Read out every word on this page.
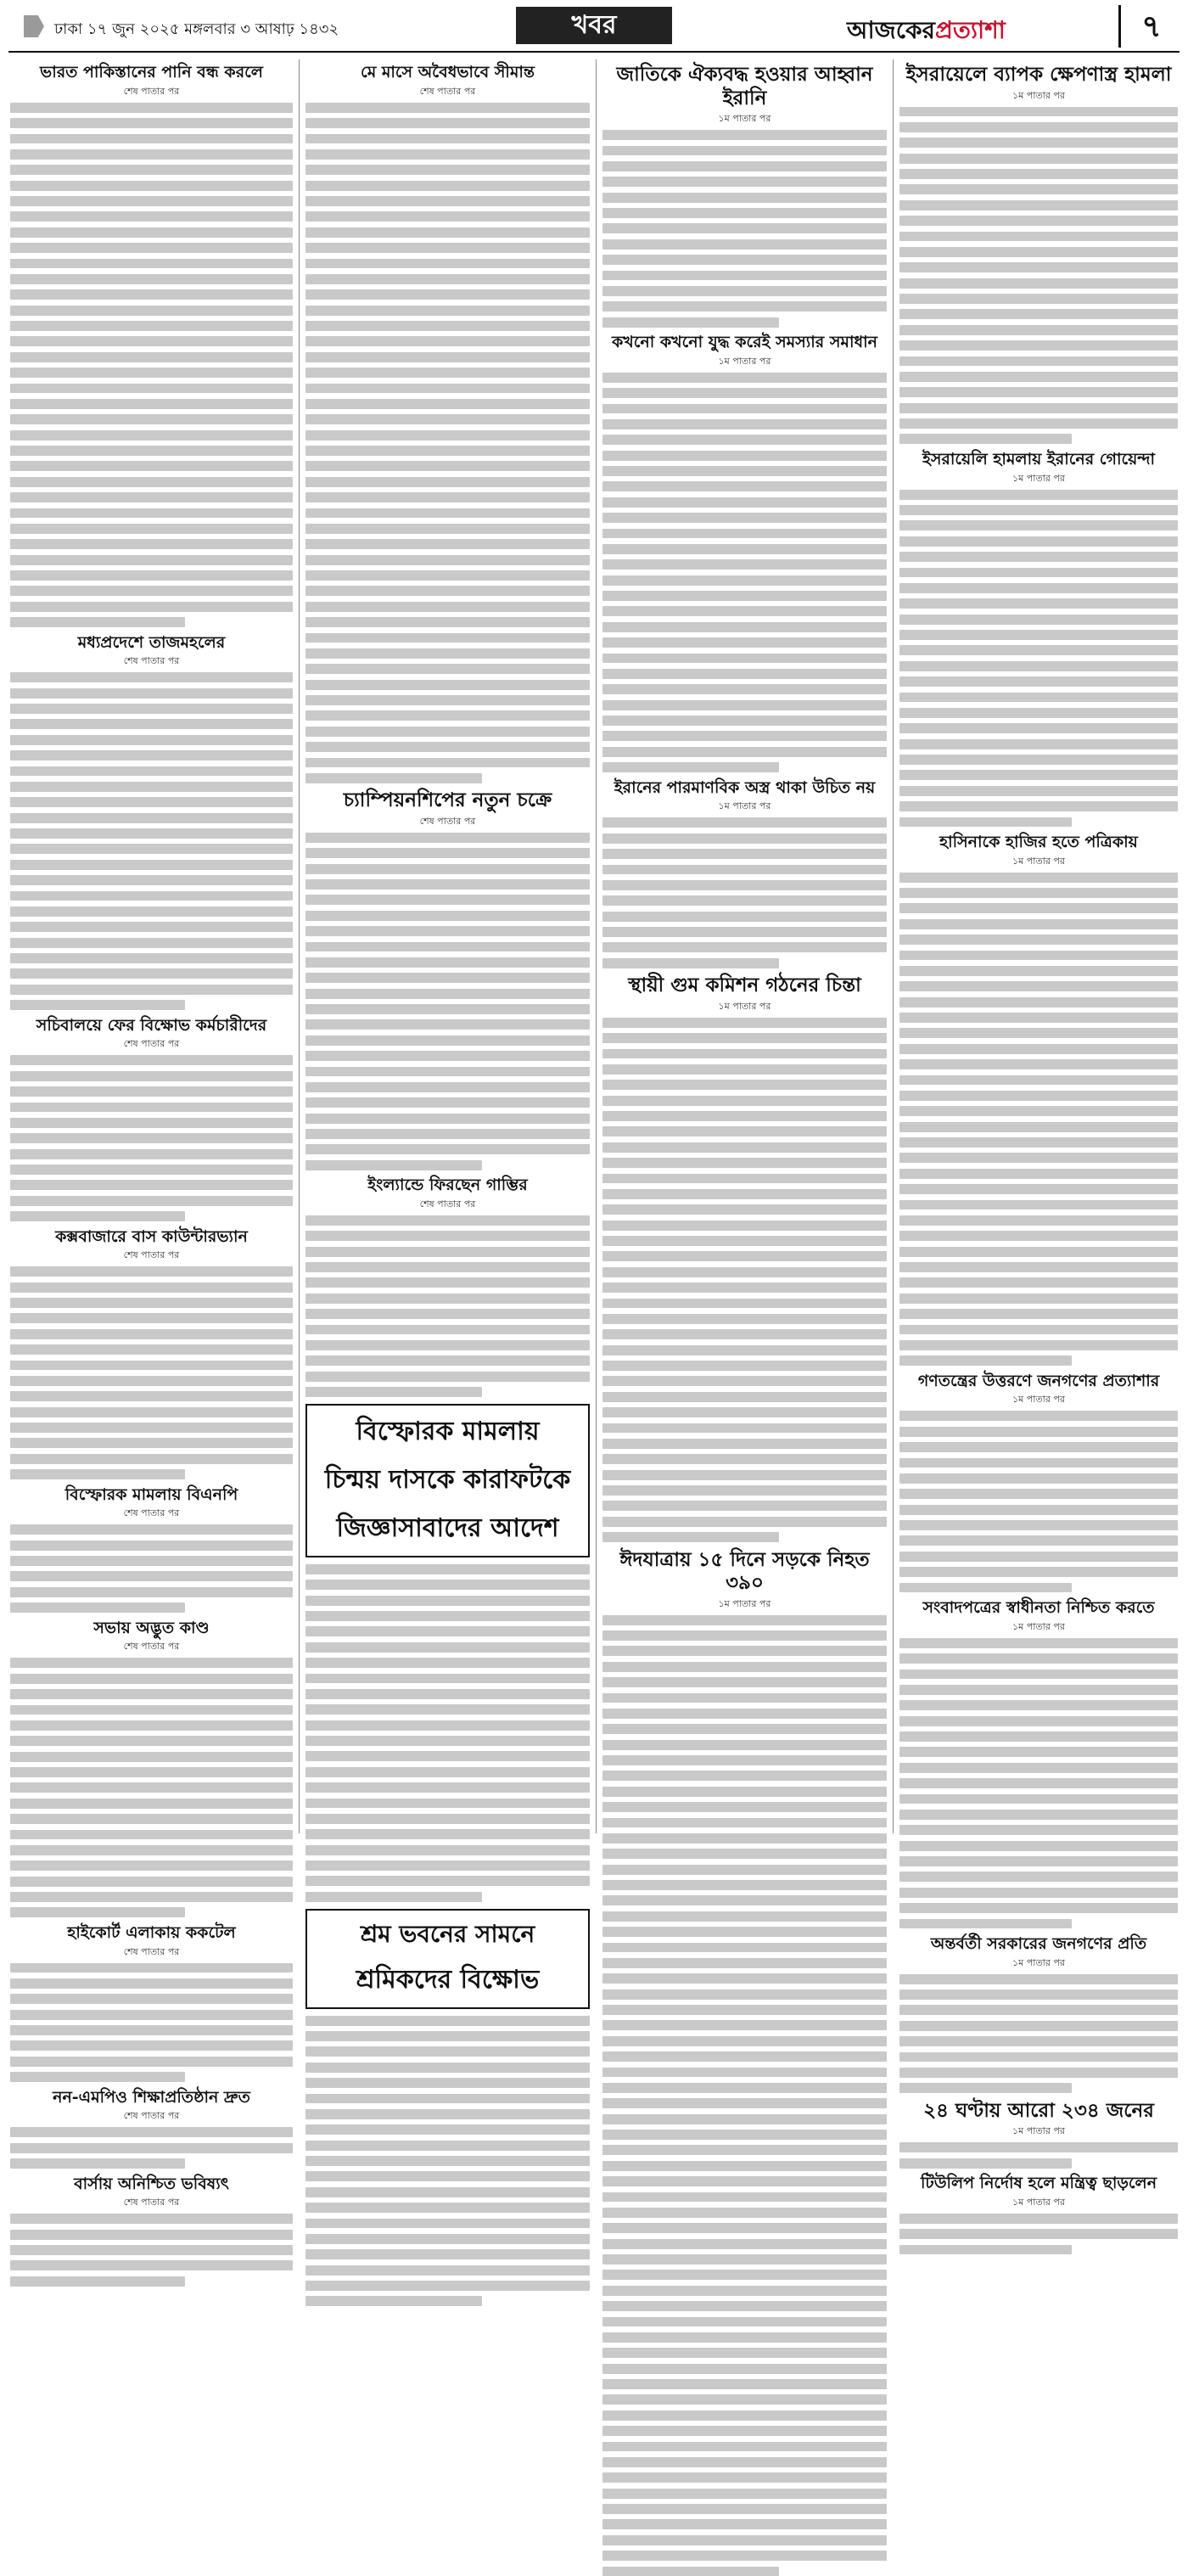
ঢাকা ১৭ জুন ২০২৫ মঙ্গলবার ৩ আষাঢ় ১৪৩২	খবর	আজকেরপ্রত্যাশা	৭
ভারত পাকিস্তানের পানি বন্ধ করলে
শেষ পাতার পর
মধ্যপ্রদেশে তাজমহলের
শেষ পাতার পর
সচিবালয়ে ফের বিক্ষোভ কর্মচারীদের
শেষ পাতার পর
কক্সবাজারে বাস কাউন্টারভ্যান
শেষ পাতার পর
বিস্ফোরক মামলায় বিএনপি
শেষ পাতার পর
সভায় অদ্ভুত কাণ্ড
শেষ পাতার পর
হাইকোর্ট এলাকায় ককটেল
শেষ পাতার পর
নন-এমপিও শিক্ষাপ্রতিষ্ঠান দ্রুত
শেষ পাতার পর
বার্সায় অনিশ্চিত ভবিষ্যৎ
শেষ পাতার পর
মে মাসে অবৈধভাবে সীমান্ত
শেষ পাতার পর
চ্যাম্পিয়নশিপের নতুন চক্রে
শেষ পাতার পর
ইংল্যান্ডে ফিরছেন গাম্ভির
শেষ পাতার পর
বিস্ফোরক মামলায়
চিন্ময় দাসকে কারাফটকে
জিজ্ঞাসাবাদের আদেশ
শ্রম ভবনের সামনে
শ্রমিকদের বিক্ষোভ
জাতিকে ঐক্যবদ্ধ হওয়ার আহ্বান ইরানি
১ম পাতার পর
কখনো কখনো যুদ্ধ করেই সমস্যার সমাধান
১ম পাতার পর
ইরানের পারমাণবিক অস্ত্র থাকা উচিত নয়
১ম পাতার পর
স্থায়ী গুম কমিশন গঠনের চিন্তা
১ম পাতার পর
ঈদযাত্রায় ১৫ দিনে সড়কে নিহত ৩৯০
১ম পাতার পর
ইসরায়েলে ব্যাপক ক্ষেপণাস্ত্র হামলা
১ম পাতার পর
ইসরায়েলি হামলায় ইরানের গোয়েন্দা
১ম পাতার পর
হাসিনাকে হাজির হতে পত্রিকায়
১ম পাতার পর
গণতন্ত্রের উত্তরণে জনগণের প্রত্যাশার
১ম পাতার পর
সংবাদপত্রের স্বাধীনতা নিশ্চিত করতে
১ম পাতার পর
অন্তর্বর্তী সরকারের জনগণের প্রতি
১ম পাতার পর
২৪ ঘণ্টায় আরো ২৩৪ জনের
১ম পাতার পর
টিউলিপ নির্দোষ হলে মন্ত্রিত্ব ছাড়লেন
১ম পাতার পর
